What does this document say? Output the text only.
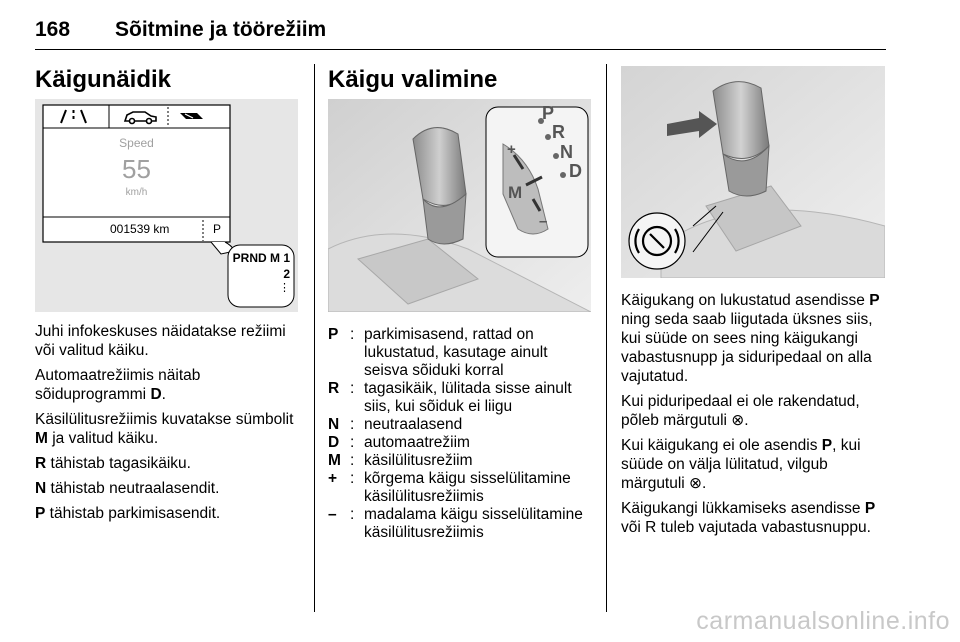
168 Sõitmine ja töörežiim
Käigunäidik
Speed
55
km/h
001539 km	P
PRND M 1
2
⋮

Juhi infokeskuses näidatakse režiimi või valitud käiku.

Automaatrežiimis näitab sõiduprogrammi D.

Käsilülitusrežiimis kuvatakse sümbolit M ja valitud käiku.

R tähistab tagasikäiku.

N tähistab neutraalasendit.

P tähistab parkimisasendit.

Käigu valimine
P
R
N
D
M
+
–
P : parkimisasend, rattad on lukustatud, kasutage ainult seisva sõiduki korral
R : tagasikäik, lülitada sisse ainult siis, kui sõiduk ei liigu
N : neutraalasend
D : automaatrežiim
M : käsilülitusrežiim
+ : kõrgema käigu sisselülitamine käsilülitusrežiimis
– : madalama käigu sisselülitamine käsilülitusrežiimis

Käigukang on lukustatud asendisse P ning seda saab liigutada üksnes siis, kui süüde on sees ning käigukangi vabastusnupp ja siduripedaal on alla vajutatud.

Kui piduripedaal ei ole rakendatud, põleb märgutuli ⊗.

Kui käigukang ei ole asendis P, kui süüde on välja lülitatud, vilgub märgutuli ⊗.

Käigukangi lükkamiseks asendisse P või R tuleb vajutada vabastusnuppu.

carmanualsonline.info
